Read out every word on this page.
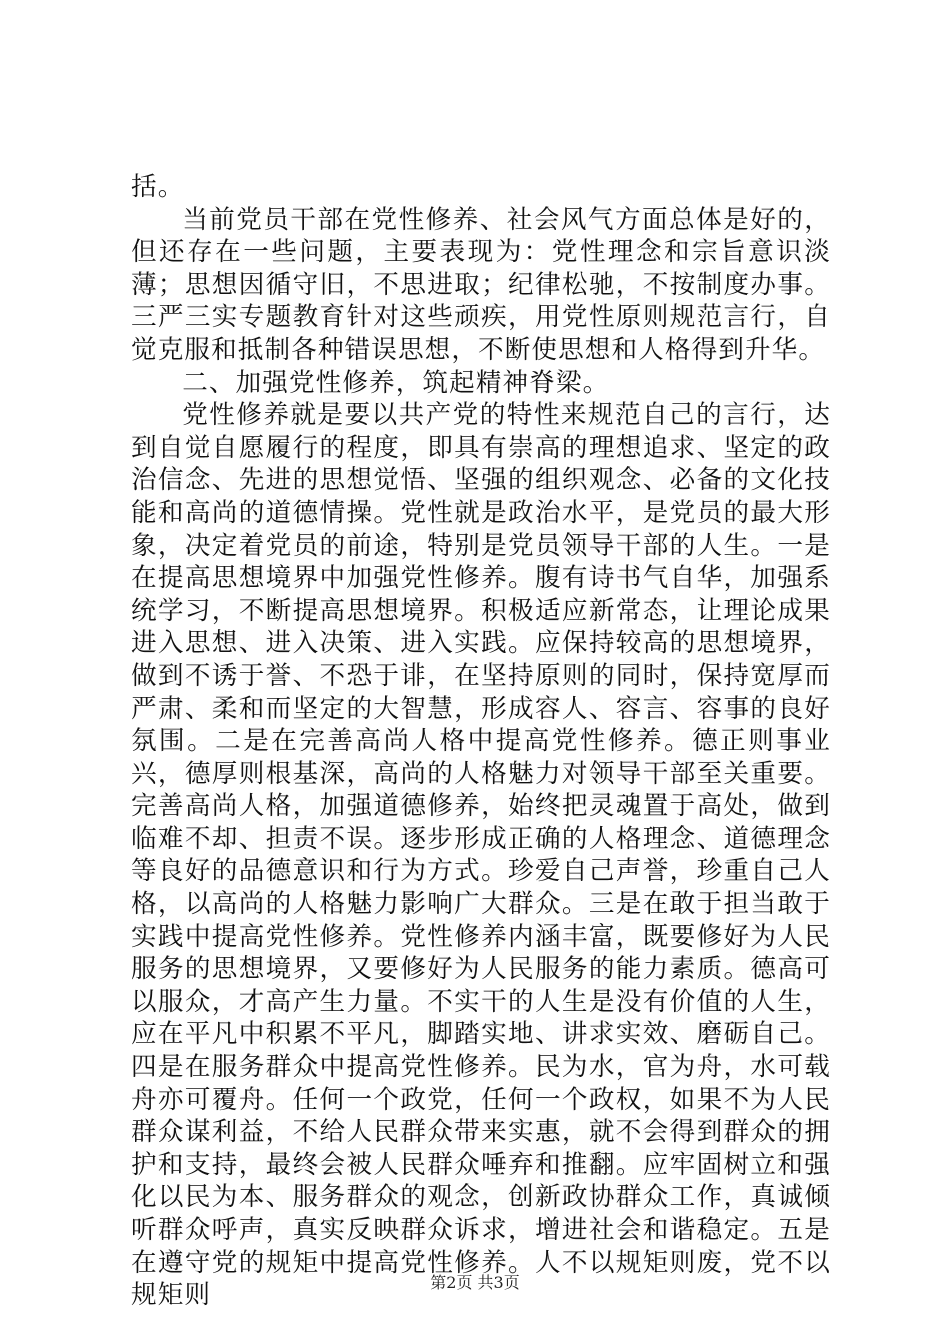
括。

当前党员干部在党性修养、社会风气方面总体是好的，但还存在一些问题，主要表现为：党性理念和宗旨意识淡薄；思想因循守旧，不思进取；纪律松驰，不按制度办事。三严三实专题教育针对这些顽疾，用党性原则规范言行，自觉克服和抵制各种错误思想，不断使思想和人格得到升华。

二、加强党性修养，筑起精神脊梁。

党性修养就是要以共产党的特性来规范自己的言行，达到自觉自愿履行的程度，即具有崇高的理想追求、坚定的政治信念、先进的思想觉悟、坚强的组织观念、必备的文化技能和高尚的道德情操。党性就是政治水平，是党员的最大形象，决定着党员的前途，特别是党员领导干部的人生。一是在提高思想境界中加强党性修养。腹有诗书气自华，加强系统学习，不断提高思想境界。积极适应新常态，让理论成果进入思想、进入决策、进入实践。应保持较高的思想境界，做到不诱于誉、不恐于诽，在坚持原则的同时，保持宽厚而严肃、柔和而坚定的大智慧，形成容人、容言、容事的良好氛围。二是在完善高尚人格中提高党性修养。德正则事业兴，德厚则根基深，高尚的人格魅力对领导干部至关重要。完善高尚人格，加强道德修养，始终把灵魂置于高处，做到临难不却、担责不误。逐步形成正确的人格理念、道德理念等良好的品德意识和行为方式。珍爱自己声誉，珍重自己人格，以高尚的人格魅力影响广大群众。三是在敢于担当敢于实践中提高党性修养。党性修养内涵丰富，既要修好为人民服务的思想境界，又要修好为人民服务的能力素质。德高可以服众，才高产生力量。不实干的人生是没有价值的人生，应在平凡中积累不平凡，脚踏实地、讲求实效、磨砺自己。四是在服务群众中提高党性修养。民为水，官为舟，水可载舟亦可覆舟。任何一个政党，任何一个政权，如果不为人民群众谋利益，不给人民群众带来实惠，就不会得到群众的拥护和支持，最终会被人民群众唾弃和推翻。应牢固树立和强化以民为本、服务群众的观念，创新政协群众工作，真诚倾听群众呼声，真实反映群众诉求，增进社会和谐稳定。五是在遵守党的规矩中提高党性修养。人不以规矩则废，党不以规矩则	第2页 共3页
